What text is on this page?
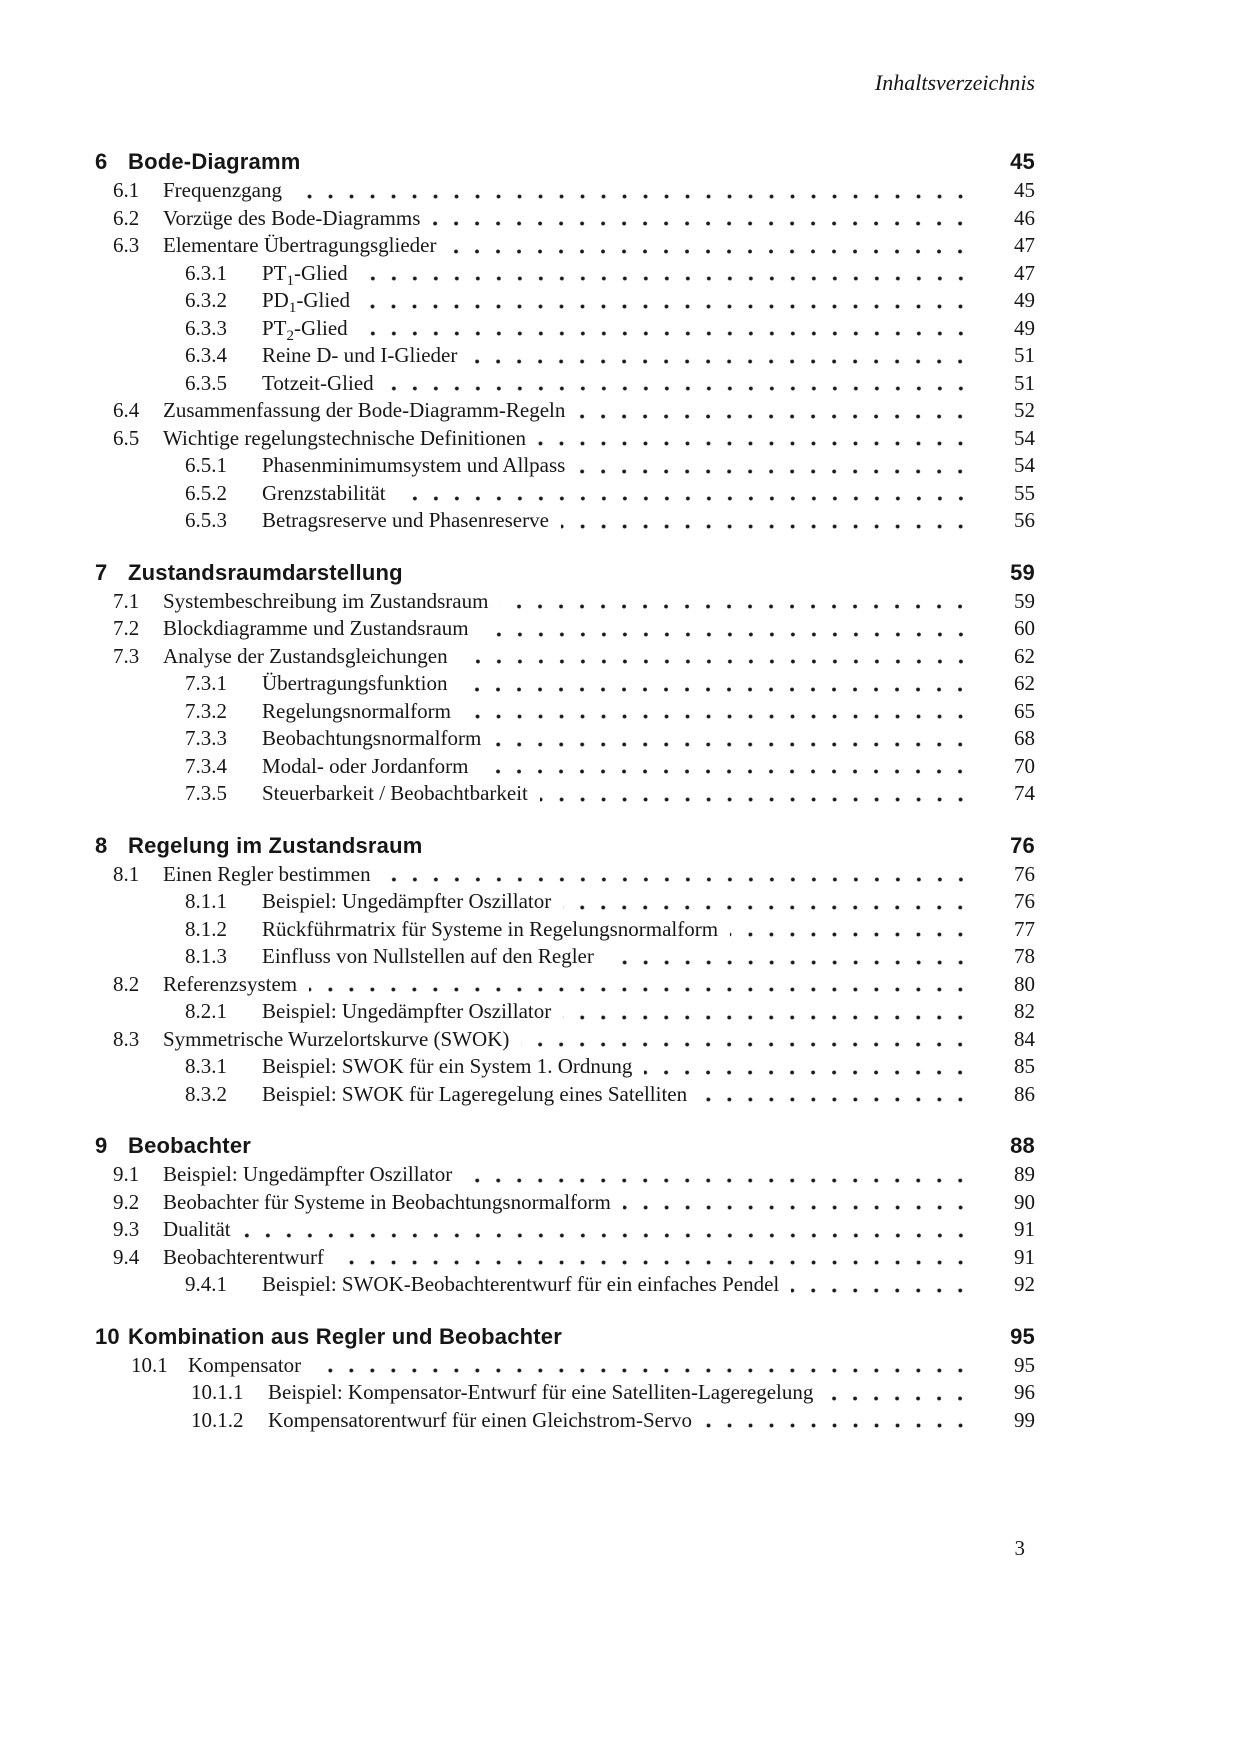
Inhaltsverzeichnis
6 Bode-Diagramm	45
6.1	Frequenzgang	45
6.2	Vorzüge des Bode-Diagramms	46
6.3	Elementare Übertragungsglieder	47
6.3.1	$PT_1$-Glied	47
6.3.2	$PD_1$-Glied	49
6.3.3	$PT_2$-Glied	49
6.3.4	Reine D- und I-Glieder	51
6.3.5	Totzeit-Glied	51
6.4	Zusammenfassung der Bode-Diagramm-Regeln	52
6.5	Wichtige regelungstechnische Definitionen	54
6.5.1	Phasenminimumsystem und Allpass	54
6.5.2	Grenzstabilität	55
6.5.3	Betragsreserve und Phasenreserve	56
7 Zustandsraumdarstellung	59
7.1	Systembeschreibung im Zustandsraum	59
7.2	Blockdiagramme und Zustandsraum	60
7.3	Analyse der Zustandsgleichungen	62
7.3.1	Übertragungsfunktion	62
7.3.2	Regelungsnormalform	65
7.3.3	Beobachtungsnormalform	68
7.3.4	Modal- oder Jordanform	70
7.3.5	Steuerbarkeit / Beobachtbarkeit	74
8 Regelung im Zustandsraum	76
8.1	Einen Regler bestimmen	76
8.1.1	Beispiel: Ungedämpfter Oszillator	76
8.1.2	Rückführmatrix für Systeme in Regelungsnormalform	77
8.1.3	Einfluss von Nullstellen auf den Regler	78
8.2	Referenzsystem	80
8.2.1	Beispiel: Ungedämpfter Oszillator	82
8.3	Symmetrische Wurzelortskurve (SWOK)	84
8.3.1	Beispiel: SWOK für ein System 1. Ordnung	85
8.3.2	Beispiel: SWOK für Lageregelung eines Satelliten	86
9 Beobachter	88
9.1	Beispiel: Ungedämpfter Oszillator	89
9.2	Beobachter für Systeme in Beobachtungsnormalform	90
9.3	Dualität	91
9.4	Beobachterentwurf	91
9.4.1	Beispiel: SWOK-Beobachterentwurf für ein einfaches Pendel	92
10 Kombination aus Regler und Beobachter	95
10.1 Kompensator	95
10.1.1	Beispiel: Kompensator-Entwurf für eine Satelliten-Lageregelung	96
10.1.2	Kompensatorentwurf für einen Gleichstrom-Servo	99
3
